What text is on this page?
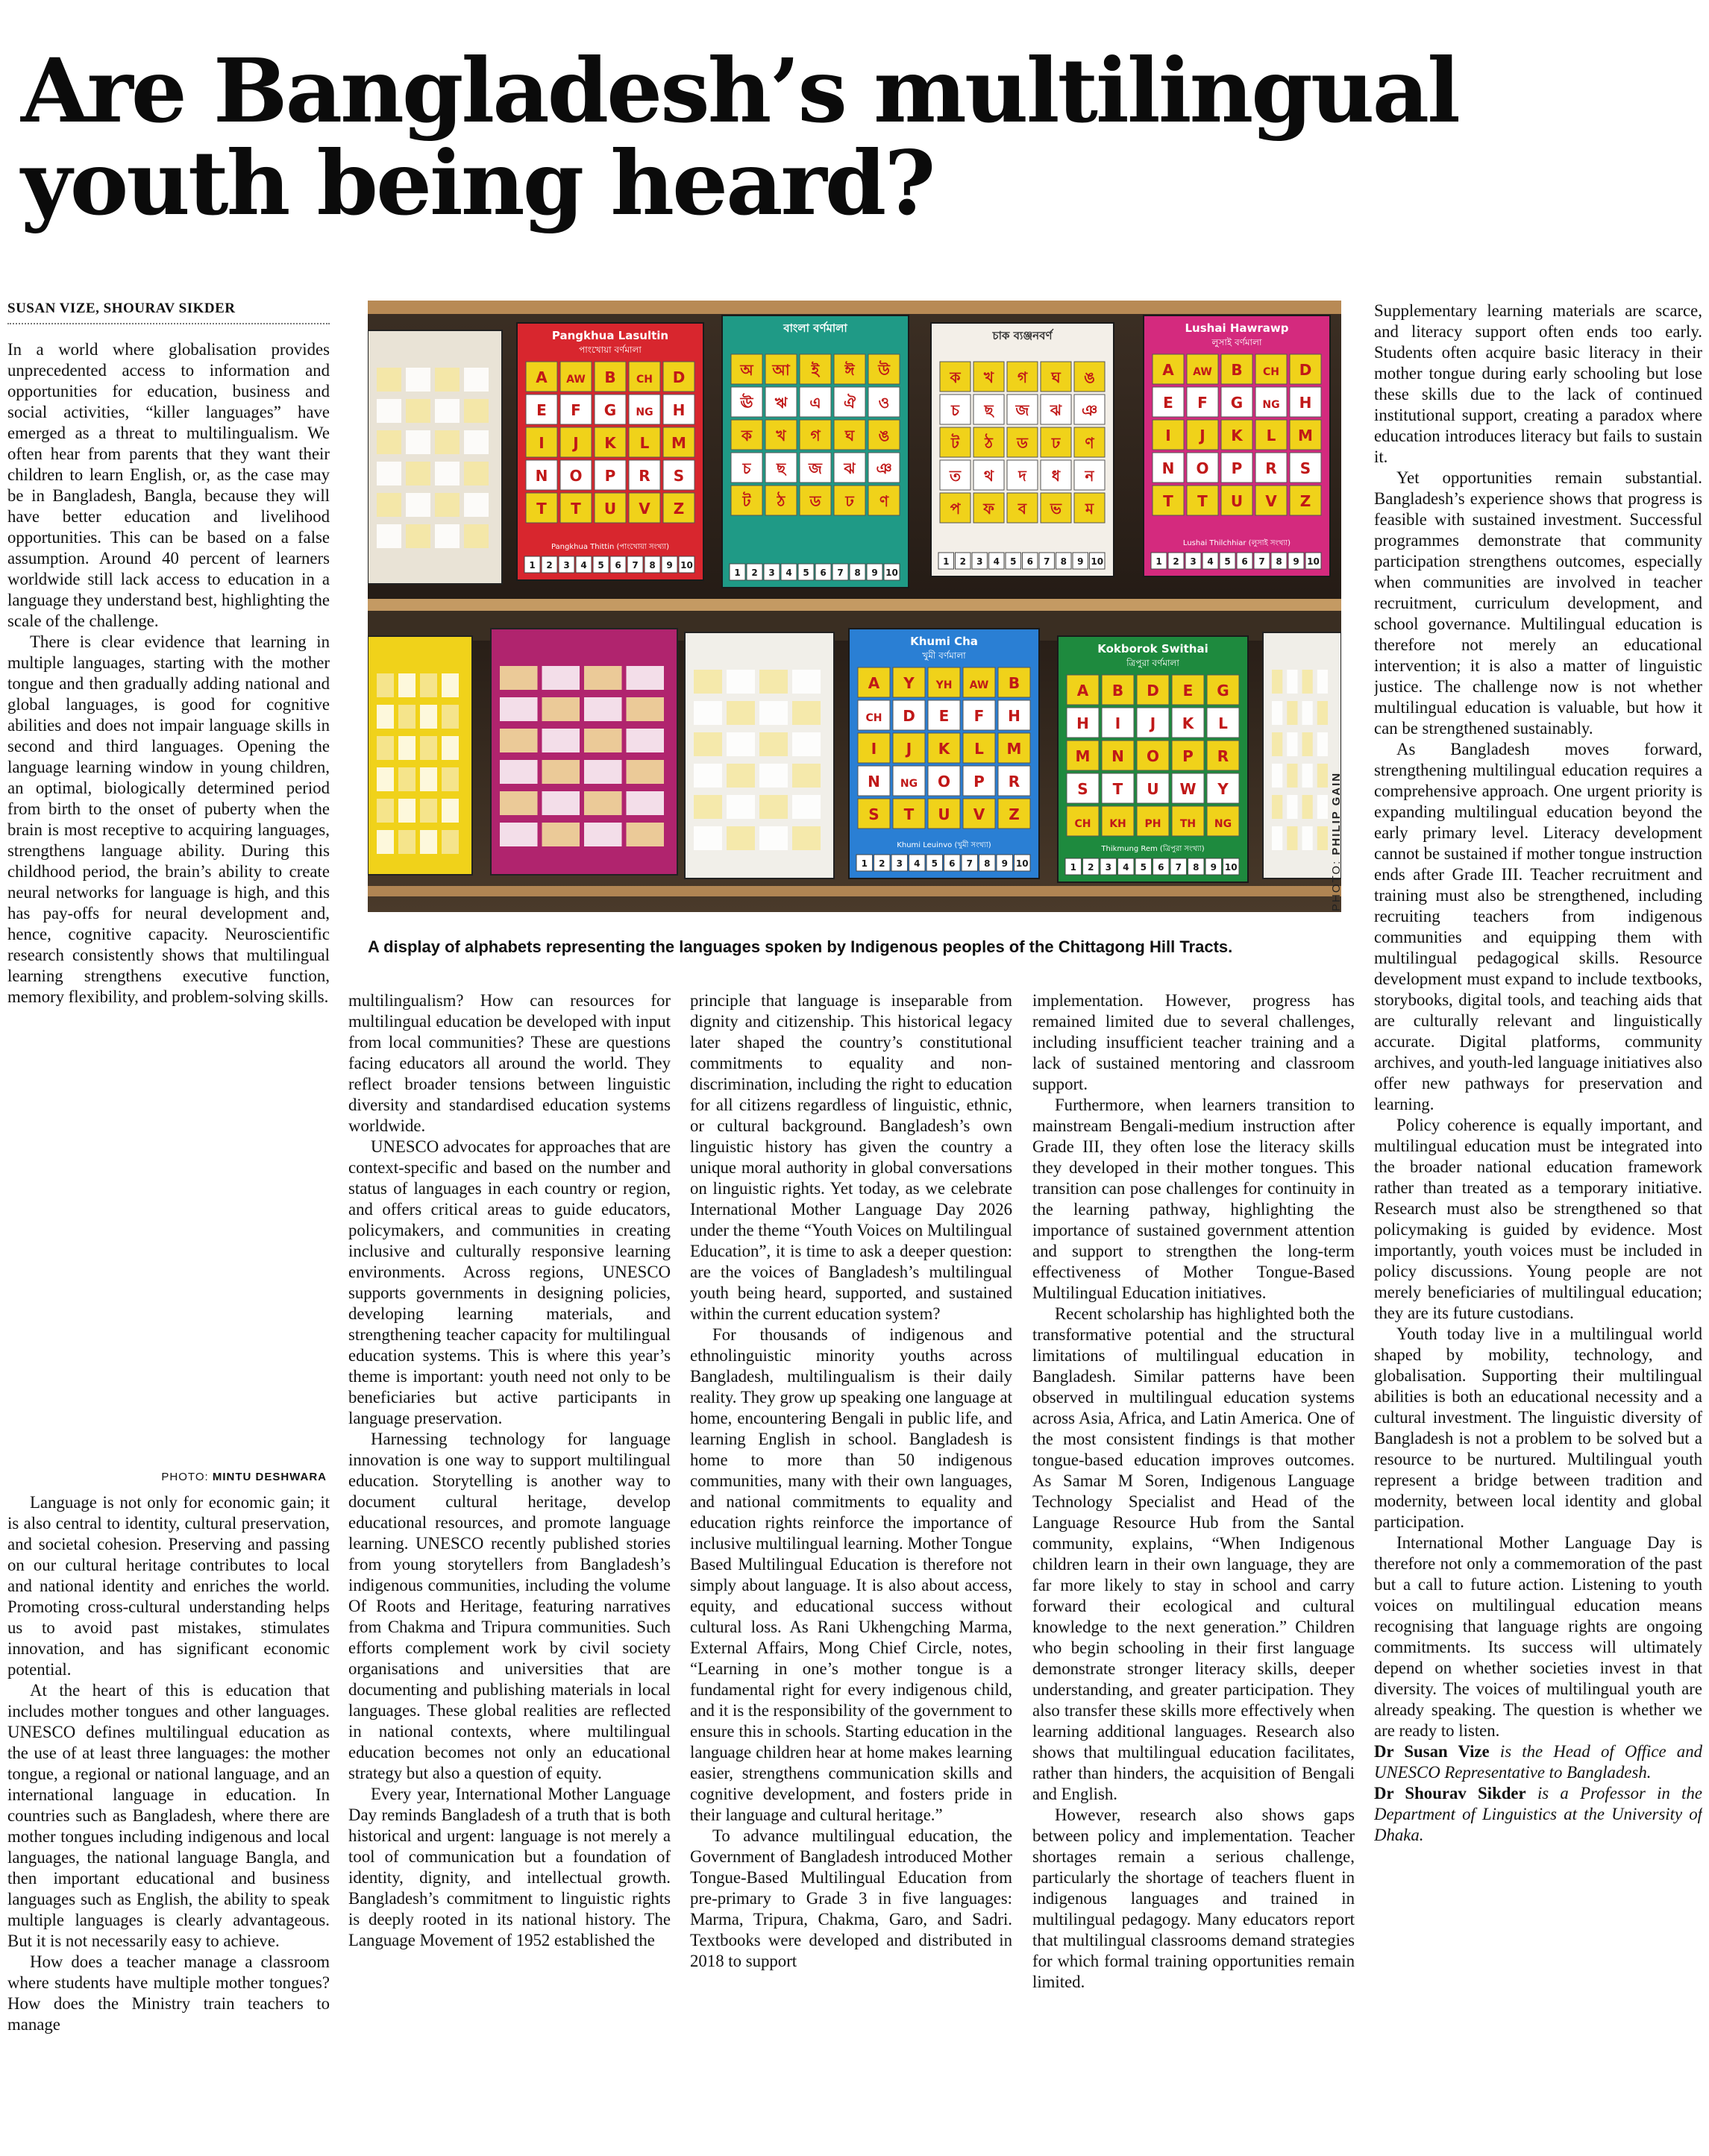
Are Bangladesh’s multilingual
youth being heard?
SUSAN VIZE, SHOURAV SIKDER

In a world where globalisation provides unprecedented access to information and opportunities for education, business and social activities, “killer languages” have emerged as a threat to multilingualism. We often hear from parents that they want their children to learn English, or, as the case may be in Bangladesh, Bangla, because they will have better education and livelihood opportunities. This can be based on a false assumption. Around 40 percent of learners worldwide still lack access to education in a language they understand best, highlighting the scale of the challenge.

There is clear evidence that learning in multiple languages, starting with the mother tongue and then gradually adding national and global languages, is good for cognitive abilities and does not impair language skills in second and third languages. Opening the language learning window in young children, an optimal, biologically determined period from birth to the onset of puberty when the brain is most receptive to acquiring languages, strengthens language ability. During this childhood period, the brain’s ability to create neural networks for language is high, and this has pay-offs for neural development and, hence, cognitive capacity. Neuroscientific research consistently shows that multilingual learning strengthens executive function, memory flexibility, and problem-solving skills.

PHOTO: MINTU DESHWARA

Language is not only for economic gain; it is also central to identity, cultural preservation, and societal cohesion. Preserving and passing on our cultural heritage contributes to local and national identity and enriches the world. Promoting cross-cultural understanding helps us to avoid past mistakes, stimulates innovation, and has significant economic potential.

At the heart of this is education that includes mother tongues and other languages. UNESCO defines multilingual education as the use of at least three languages: the mother tongue, a regional or national language, and an international language in education. In countries such as Bangladesh, where there are mother tongues including indigenous and local languages, the national language Bangla, and then important educational and business languages such as English, the ability to speak multiple languages is clearly advantageous. But it is not necessarily easy to achieve.

How does a teacher manage a classroom where students have multiple mother tongues? How does the Ministry train teachers to manage

Pangkhua Lasultin
পাংখোয়া বর্ণমালা
A AW B CH D
E F G NG H
I J K L M
N O P R S
T T U V Z
Pangkhua Thittin (পাংখোয়া সংখ্যা)
1 2 3 4 5 6 7 8 9 10
বাংলা বর্ণমালা
অ আ ই ঈ উ
ঊ ঋ এ ঐ ও
ক খ গ ঘ ঙ
চ ছ জ ঝ ঞ
ট ঠ ড ঢ ণ
1 2 3 4 5 6 7 8 9 10
চাক ব্যঞ্জনবর্ণ
ক খ গ ঘ ঙ
চ ছ জ ঝ ঞ
ট ঠ ড ঢ ণ
ত থ দ ধ ন
প ফ ব ভ ম
1 2 3 4 5 6 7 8 9 10
Lushai Hawrawp
লুসাই বর্ণমালা
A AW B CH D
E F G NG H
I J K L M
N O P R S
T T U V Z
Lushai Thilchhiar (লুসাই সংখ্যা)
1 2 3 4 5 6 7 8 9 10
Khumi Cha
খুমী বর্ণমালা
A Y YH AW B
CH D E F H
I J K L M
N NG O P R
S T U V Z
Khumi Leuinvo (খুমী সংখ্যা)
1 2 3 4 5 6 7 8 9 10
Kokborok Swithai
ত্রিপুরা বর্ণমালা
A B D E G
H I J K L
M N O P R
S T U W Y
CH KH PH TH NG
Thikmung Rem (ত্রিপুরা সংখ্যা)
1 2 3 4 5 6 7 8 9 10	PHOTO: PHILIP GAIN
A display of alphabets representing the languages spoken by Indigenous peoples of the Chittagong Hill Tracts.

multilingualism? How can resources for multilingual education be developed with input from local communities? These are questions facing educators all around the world. They reflect broader tensions between linguistic diversity and standardised education systems worldwide.

UNESCO advocates for approaches that are context-specific and based on the number and status of languages in each country or region, and offers critical areas to guide educators, policymakers, and communities in creating inclusive and culturally responsive learning environments. Across regions, UNESCO supports governments in designing policies, developing learning materials, and strengthening teacher capacity for multilingual education systems. This is where this year’s theme is important: youth need not only to be beneficiaries but active participants in language preservation.

Harnessing technology for language innovation is one way to support multilingual education. Storytelling is another way to document cultural heritage, develop educational resources, and promote language learning. UNESCO recently published stories from young storytellers from Bangladesh’s indigenous communities, including the volume Of Roots and Heritage, featuring narratives from Chakma and Tripura communities. Such efforts complement work by civil society organisations and universities that are documenting and publishing materials in local languages. These global realities are reflected in national contexts, where multilingual education becomes not only an educational strategy but also a question of equity.

Every year, International Mother Language Day reminds Bangladesh of a truth that is both historical and urgent: language is not merely a tool of communication but a foundation of identity, dignity, and intellectual growth. Bangladesh’s commitment to linguistic rights is deeply rooted in its national history. The Language Movement of 1952 established the

principle that language is inseparable from dignity and citizenship. This historical legacy later shaped the country’s constitutional commitments to equality and non-discrimination, including the right to education for all citizens regardless of linguistic, ethnic, or cultural background. Bangladesh’s own linguistic history has given the country a unique moral authority in global conversations on linguistic rights. Yet today, as we celebrate International Mother Language Day 2026 under the theme “Youth Voices on Multilingual Education”, it is time to ask a deeper question: are the voices of Bangladesh’s multilingual youth being heard, supported, and sustained within the current education system?

For thousands of indigenous and ethnolinguistic minority youths across Bangladesh, multilingualism is their daily reality. They grow up speaking one language at home, encountering Bengali in public life, and learning English in school. Bangladesh is home to more than 50 indigenous communities, many with their own languages, and national commitments to equality and education rights reinforce the importance of inclusive multilingual learning. Mother Tongue Based Multilingual Education is therefore not simply about language. It is also about access, equity, and educational success without cultural loss. As Rani Ukhengching Marma, External Affairs, Mong Chief Circle, notes, “Learning in one’s mother tongue is a fundamental right for every indigenous child, and it is the responsibility of the government to ensure this in schools. Starting education in the language children hear at home makes learning easier, strengthens communication skills and cognitive development, and fosters pride in their language and cultural heritage.”

To advance multilingual education, the Government of Bangladesh introduced Mother Tongue-Based Multilingual Education from pre-primary to Grade 3 in five languages: Marma, Tripura, Chakma, Garo, and Sadri. Textbooks were developed and distributed in 2018 to support

implementation. However, progress has remained limited due to several challenges, including insufficient teacher training and a lack of sustained mentoring and classroom support.

Furthermore, when learners transition to mainstream Bengali-medium instruction after Grade III, they often lose the literacy skills they developed in their mother tongues. This transition can pose challenges for continuity in the learning pathway, highlighting the importance of sustained government attention and support to strengthen the long-term effectiveness of Mother Tongue-Based Multilingual Education initiatives.

Recent scholarship has highlighted both the transformative potential and the structural limitations of multilingual education in Bangladesh. Similar patterns have been observed in multilingual education systems across Asia, Africa, and Latin America. One of the most consistent findings is that mother tongue-based education improves outcomes. As Samar M Soren, Indigenous Language Technology Specialist and Head of the Language Resource Hub from the Santal community, explains, “When Indigenous children learn in their own language, they are far more likely to stay in school and carry forward their ecological and cultural knowledge to the next generation.” Children who begin schooling in their first language demonstrate stronger literacy skills, deeper understanding, and greater participation. They also transfer these skills more effectively when learning additional languages. Research also shows that multilingual education facilitates, rather than hinders, the acquisition of Bengali and English.

However, research also shows gaps between policy and implementation. Teacher shortages remain a serious challenge, particularly the shortage of teachers fluent in indigenous languages and trained in multilingual pedagogy. Many educators report that multilingual classrooms demand strategies for which formal training opportunities remain limited.

Supplementary learning materials are scarce, and literacy support often ends too early. Students often acquire basic literacy in their mother tongue during early schooling but lose these skills due to the lack of continued institutional support, creating a paradox where education introduces literacy but fails to sustain it.

Yet opportunities remain substantial. Bangladesh’s experience shows that progress is feasible with sustained investment. Successful programmes demonstrate that community participation strengthens outcomes, especially when communities are involved in teacher recruitment, curriculum development, and school governance. Multilingual education is therefore not merely an educational intervention; it is also a matter of linguistic justice. The challenge now is not whether multilingual education is valuable, but how it can be strengthened sustainably.

As Bangladesh moves forward, strengthening multilingual education requires a comprehensive approach. One urgent priority is expanding multilingual education beyond the early primary level. Literacy development cannot be sustained if mother tongue instruction ends after Grade III. Teacher recruitment and training must also be strengthened, including recruiting teachers from indigenous communities and equipping them with multilingual pedagogical skills. Resource development must expand to include textbooks, storybooks, digital tools, and teaching aids that are culturally relevant and linguistically accurate. Digital platforms, community archives, and youth-led language initiatives also offer new pathways for preservation and learning.

Policy coherence is equally important, and multilingual education must be integrated into the broader national education framework rather than treated as a temporary initiative. Research must also be strengthened so that policymaking is guided by evidence. Most importantly, youth voices must be included in policy discussions. Young people are not merely beneficiaries of multilingual education; they are its future custodians.

Youth today live in a multilingual world shaped by mobility, technology, and globalisation. Supporting their multilingual abilities is both an educational necessity and a cultural investment. The linguistic diversity of Bangladesh is not a problem to be solved but a resource to be nurtured. Multilingual youth represent a bridge between tradition and modernity, between local identity and global participation.

International Mother Language Day is therefore not only a commemoration of the past but a call to future action. Listening to youth voices on multilingual education means recognising that language rights are ongoing commitments. Its success will ultimately depend on whether societies invest in that diversity. The voices of multilingual youth are already speaking. The question is whether we are ready to listen.

Dr Susan Vize is the Head of Office and UNESCO Representative to Bangladesh.

Dr Shourav Sikder is a Professor in the Department of Linguistics at the University of Dhaka.
